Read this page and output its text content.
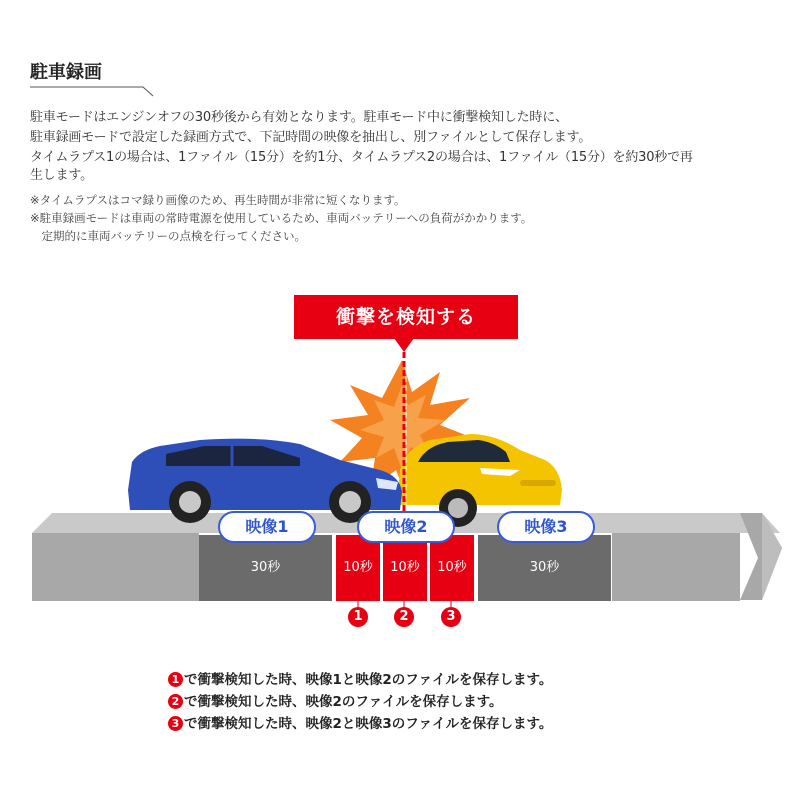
駐車録画
駐車モードはエンジンオフの30秒後から有効となります。駐車モード中に衝撃検知した時に、
駐車録画モードで設定した録画方式で、下記時間の映像を抽出し、別ファイルとして保存します。
タイムラプス1の場合は、1ファイル（15分）を約1分、タイムラプス2の場合は、1ファイル（15分）を約30秒で再
生します。
※タイムラプスはコマ録り画像のため、再生時間が非常に短くなります。
※駐車録画モードは車両の常時電源を使用しているため、車両バッテリーへの負荷がかかります。
　定期的に車両バッテリーの点検を行ってください。
衝撃を検知する
30秒	10秒	10秒	10秒	30秒
映像1	映像2	映像3
1	2	3
1 で衝撃検知した時、映像1と映像2のファイルを保存します。
2 で衝撃検知した時、映像2のファイルを保存します。
3 で衝撃検知した時、映像2と映像3のファイルを保存します。
